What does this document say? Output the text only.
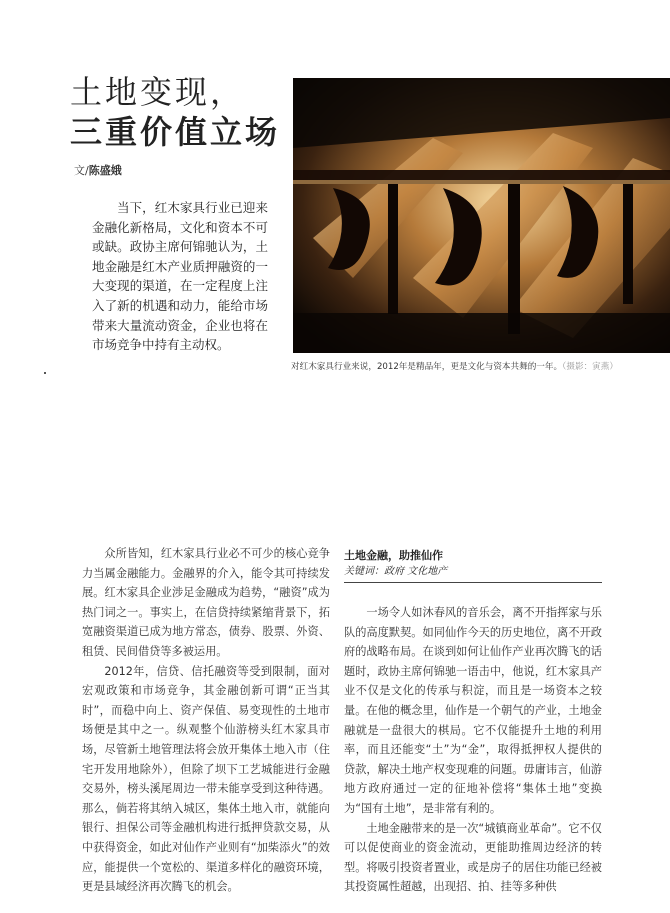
土地变现，
三重价值立场
文/陈盛娥

当下，红木家具行业已迎来金融化新格局，文化和资本不可或缺。政协主席何锦驰认为，土地金融是红木产业质押融资的一大变现的渠道，在一定程度上注入了新的机遇和动力，能给市场带来大量流动资金，企业也将在市场竞争中持有主动权。

对红木家具行业来说，2012年是精品年，更是文化与资本共舞的一年。（摄影：寅燕）

众所皆知，红木家具行业必不可少的核心竞争力当属金融能力。金融界的介入，能令其可持续发展。红木家具企业涉足金融成为趋势，“融资”成为热门词之一。事实上，在信贷持续紧缩背景下，拓宽融资渠道已成为地方常态，债券、股票、外资、租赁、民间借贷等多被运用。

2012年，信贷、信托融资等受到限制，面对宏观政策和市场竞争，其金融创新可谓“正当其时”，而稳中向上、资产保值、易变现性的土地市场便是其中之一。纵观整个仙游榜头红木家具市场，尽管新土地管理法将会放开集体土地入市（住宅开发用地除外），但除了坝下工艺城能进行金融交易外，榜头溪尾周边一带未能享受到这种待遇。那么，倘若将其纳入城区，集体土地入市，就能向银行、担保公司等金融机构进行抵押贷款交易，从中获得资金，如此对仙作产业则有“加柴添火”的效应，能提供一个宽松的、渠道多样化的融资环境，更是县域经济再次腾飞的机会。

土地金融，助推仙作

关键词：政府 文化地产

一场令人如沐春风的音乐会，离不开指挥家与乐队的高度默契。如同仙作今天的历史地位，离不开政府的战略布局。在谈到如何让仙作产业再次腾飞的话题时，政协主席何锦驰一语击中，他说，红木家具产业不仅是文化的传承与积淀，而且是一场资本之较量。在他的概念里，仙作是一个朝气的产业，土地金融就是一盘很大的棋局。它不仅能提升土地的利用率，而且还能变“土”为“金”，取得抵押权人提供的贷款，解决土地产权变现难的问题。毋庸讳言，仙游地方政府通过一定的征地补偿将“集体土地”变换为“国有土地”，是非常有利的。

土地金融带来的是一次“城镇商业革命”。它不仅可以促使商业的资金流动，更能助推周边经济的转型。将吸引投资者置业，或是房子的居住功能已经被其投资属性超越，出现招、拍、挂等多种供
